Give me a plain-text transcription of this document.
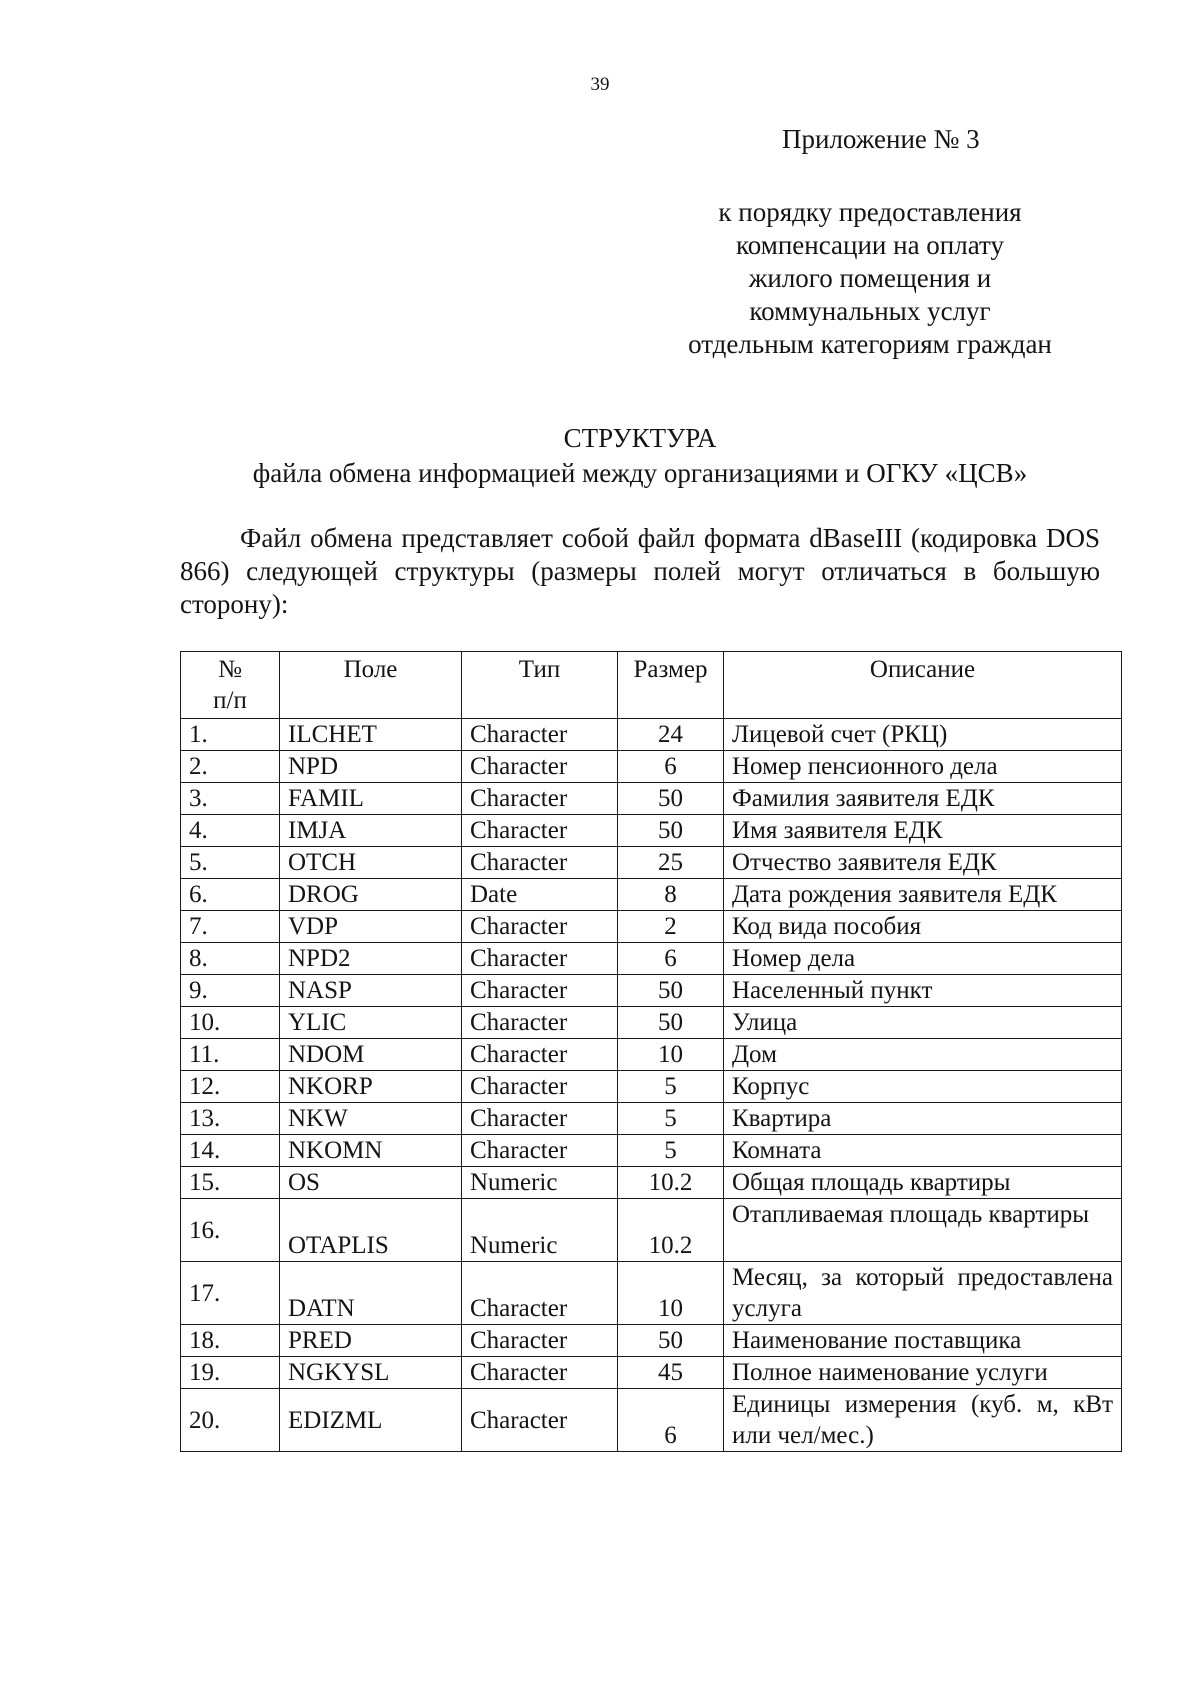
39
Приложение № 3
к порядку предоставления
компенсации на оплату
жилого помещения и
коммунальных услуг
отдельным категориям граждан
СТРУКТУРА
файла обмена информацией между организациями и ОГКУ «ЦСВ»

Файл обмена представляет собой файл формата dBaseIII (кодировка DOS 866) следующей структуры (размеры полей могут отличаться в большую сторону):

№
п/п	Поле	Тип	Размер	Описание
1.	ILCHET	Character	24	Лицевой счет (РКЦ)
2.	NPD	Character	6	Номер пенсионного дела
3.	FAMIL	Character	50	Фамилия заявителя ЕДК
4.	IMJA	Character	50	Имя заявителя ЕДК
5.	OTCH	Character	25	Отчество заявителя ЕДК
6.	DROG	Date	8	Дата рождения заявителя ЕДК
7.	VDP	Character	2	Код вида пособия
8.	NPD2	Character	6	Номер дела
9.	NASP	Character	50	Населенный пункт
10.	YLIC	Character	50	Улица
11.	NDOM	Character	10	Дом
12.	NKORP	Character	5	Корпус
13.	NKW	Character	5	Квартира
14.	NKOMN	Character	5	Комната
15.	OS	Numeric	10.2	Общая площадь квартиры
16.	OTAPLIS	Numeric	10.2	Отапливаемая площадь квартиры
17.	DATN	Character	10	Месяц, за который предоставлена услуга
18.	PRED	Character	50	Наименование поставщика
19.	NGKYSL	Character	45	Полное наименование услуги
20.	EDIZML	Character	6	Единицы измерения (куб. м, кВт или чел/мес.)
